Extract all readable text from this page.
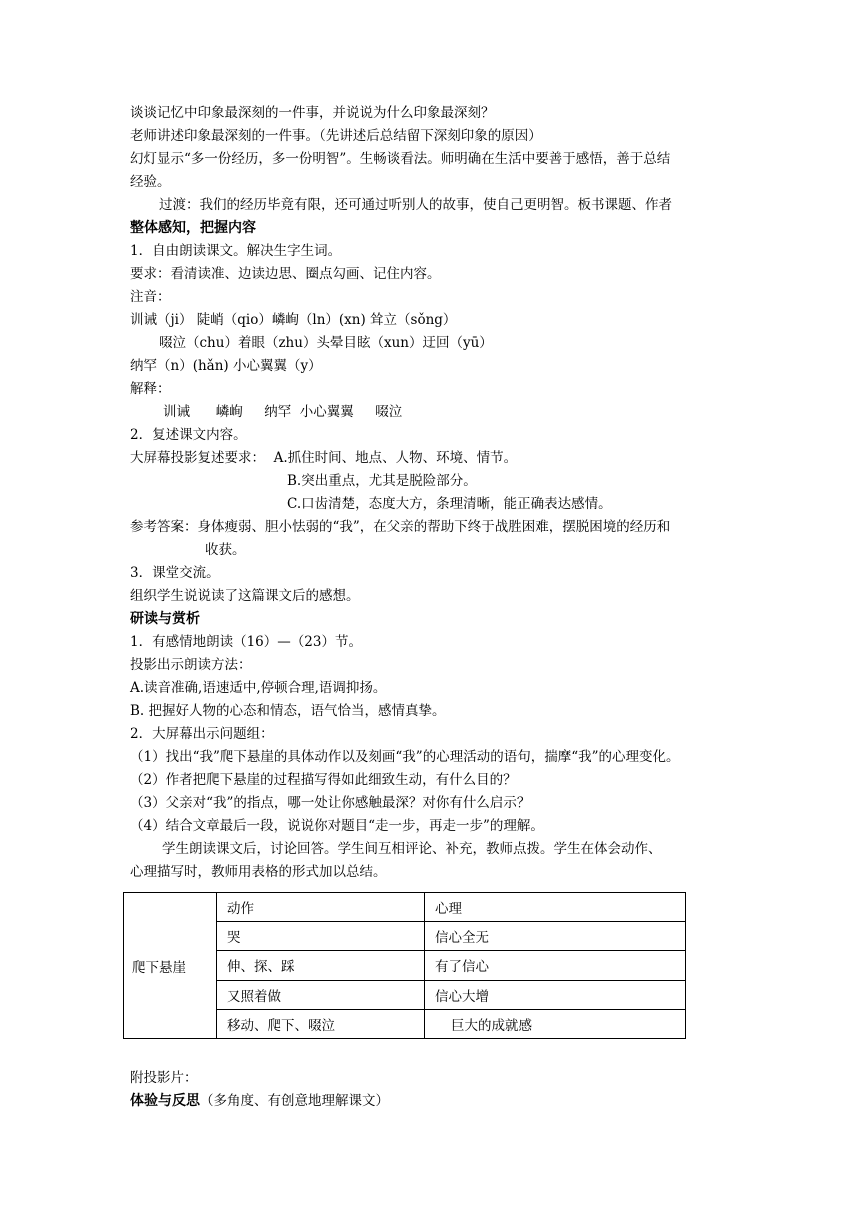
谈谈记忆中印象最深刻的一件事，并说说为什么印象最深刻？
老师讲述印象最深刻的一件事。（先讲述后总结留下深刻印象的原因）
幻灯显示“多一份经历，多一份明智”。生畅谈看法。师明确在生活中要善于感悟，善于总结
经验。
过渡：我们的经历毕竟有限，还可通过听别人的故事，使自己更明智。板书课题、作者
整体感知，把握内容
1．自由朗读课文。解决生字生词。
要求：看清读准、边读边思、圈点勾画、记住内容。
注音：
训诫（ji） 陡峭（qio）嶙峋（ln）(xn) 耸立（sǒng）
啜泣（chu）着眼（zhu）头晕目眩（xun）迂回（yū）
纳罕（n）(hǎn) 小心翼翼（y）
解释：
训诫      嶙峋     纳罕  小心翼翼     啜泣
2．复述课文内容。
大屏幕投影复述要求：  A.抓住时间、地点、人物、环境、情节。
B.突出重点，尤其是脱险部分。
C.口齿清楚，态度大方，条理清晰，能正确表达感情。
参考答案：身体瘦弱、胆小怯弱的“我”，在父亲的帮助下终于战胜困难，摆脱困境的经历和
收获。
3．课堂交流。
组织学生说说读了这篇课文后的感想。
研读与赏析
1．有感情地朗读（16）—（23）节。
投影出示朗读方法：
A.读音准确,语速适中,停顿合理,语调抑扬。
B. 把握好人物的心态和情态，语气恰当，感情真挚。
2．大屏幕出示问题组：
（1）找出“我”爬下悬崖的具体动作以及刻画“我”的心理活动的语句，揣摩“我”的心理变化。
（2）作者把爬下悬崖的过程描写得如此细致生动，有什么目的？
（3）父亲对“我”的指点，哪一处让你感触最深？对你有什么启示？
（4）结合文章最后一段，说说你对题目“走一步，再走一步”的理解。
学生朗读课文后，讨论回答。学生间互相评论、补充，教师点拨。学生在体会动作、
心理描写时，教师用表格的形式加以总结。
爬下悬崖	动作	心理
	哭	信心全无
	伸、探、踩	有了信心
	又照着做	信心大增
	移动、爬下、啜泣	巨大的成就感
附投影片：
体验与反思（多角度、有创意地理解课文）
